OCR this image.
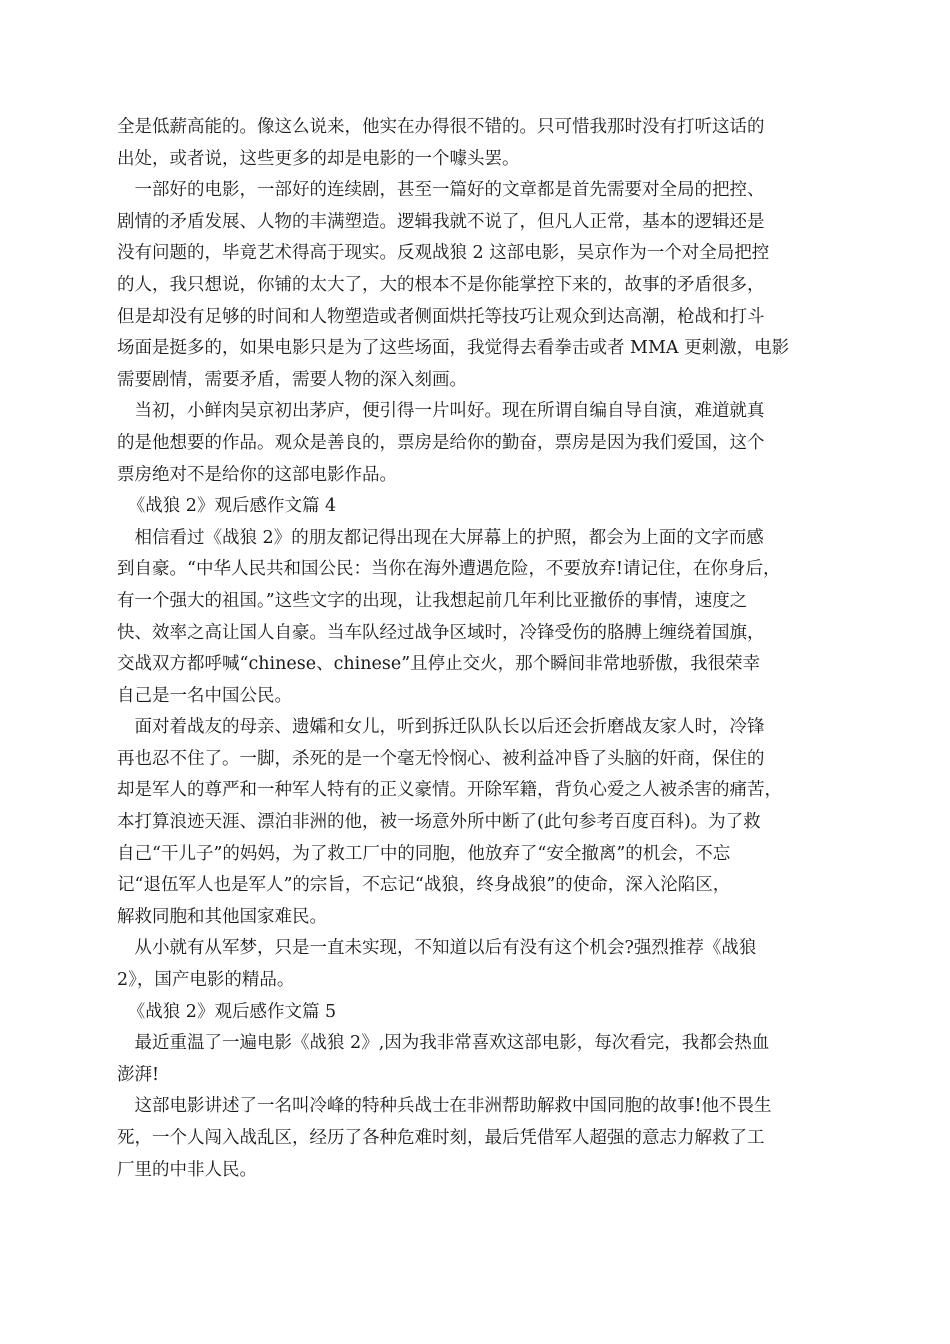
全是低薪高能的。像这么说来，他实在办得很不错的。只可惜我那时没有打听这话的
出处，或者说，这些更多的却是电影的一个噱头罢。

　一部好的电影，一部好的连续剧，甚至一篇好的文章都是首先需要对全局的把控、
剧情的矛盾发展、人物的丰满塑造。逻辑我就不说了，但凡人正常，基本的逻辑还是
没有问题的，毕竟艺术得高于现实。反观战狼 2 这部电影，吴京作为一个对全局把控
的人，我只想说，你铺的太大了，大的根本不是你能掌控下来的，故事的矛盾很多，
但是却没有足够的时间和人物塑造或者侧面烘托等技巧让观众到达高潮，枪战和打斗
场面是挺多的，如果电影只是为了这些场面，我觉得去看拳击或者 MMA 更刺激，电影
需要剧情，需要矛盾，需要人物的深入刻画。

　当初，小鲜肉吴京初出茅庐，便引得一片叫好。现在所谓自编自导自演，难道就真
的是他想要的作品。观众是善良的，票房是给你的勤奋，票房是因为我们爱国，这个
票房绝对不是给你的这部电影作品。

　《战狼 2》观后感作文篇 4

　相信看过《战狼 2》的朋友都记得出现在大屏幕上的护照，都会为上面的文字而感
到自豪。“中华人民共和国公民：当你在海外遭遇危险，不要放弃!请记住，在你身后，
有一个强大的祖国。”这些文字的出现，让我想起前几年利比亚撤侨的事情，速度之
快、效率之高让国人自豪。当车队经过战争区域时，冷锋受伤的胳膊上缠绕着国旗，
交战双方都呼喊“chinese、chinese”且停止交火，那个瞬间非常地骄傲，我很荣幸
自己是一名中国公民。

　面对着战友的母亲、遗孀和女儿，听到拆迁队队长以后还会折磨战友家人时，冷锋
再也忍不住了。一脚，杀死的是一个毫无怜悯心、被利益冲昏了头脑的奸商，保住的
却是军人的尊严和一种军人特有的正义豪情。开除军籍，背负心爱之人被杀害的痛苦，
本打算浪迹天涯、漂泊非洲的他，被一场意外所中断了(此句参考百度百科)。为了救
自己“干儿子”的妈妈，为了救工厂中的同胞，他放弃了“安全撤离”的机会，不忘
记“退伍军人也是军人”的宗旨，不忘记“战狼，终身战狼”的使命，深入沦陷区，
解救同胞和其他国家难民。

　从小就有从军梦，只是一直未实现，不知道以后有没有这个机会?强烈推荐《战狼
2》，国产电影的精品。

　《战狼 2》观后感作文篇 5

　最近重温了一遍电影《战狼 2》,因为我非常喜欢这部电影，每次看完，我都会热血
澎湃!

　这部电影讲述了一名叫冷峰的特种兵战士在非洲帮助解救中国同胞的故事!他不畏生
死，一个人闯入战乱区，经历了各种危难时刻，最后凭借军人超强的意志力解救了工
厂里的中非人民。
